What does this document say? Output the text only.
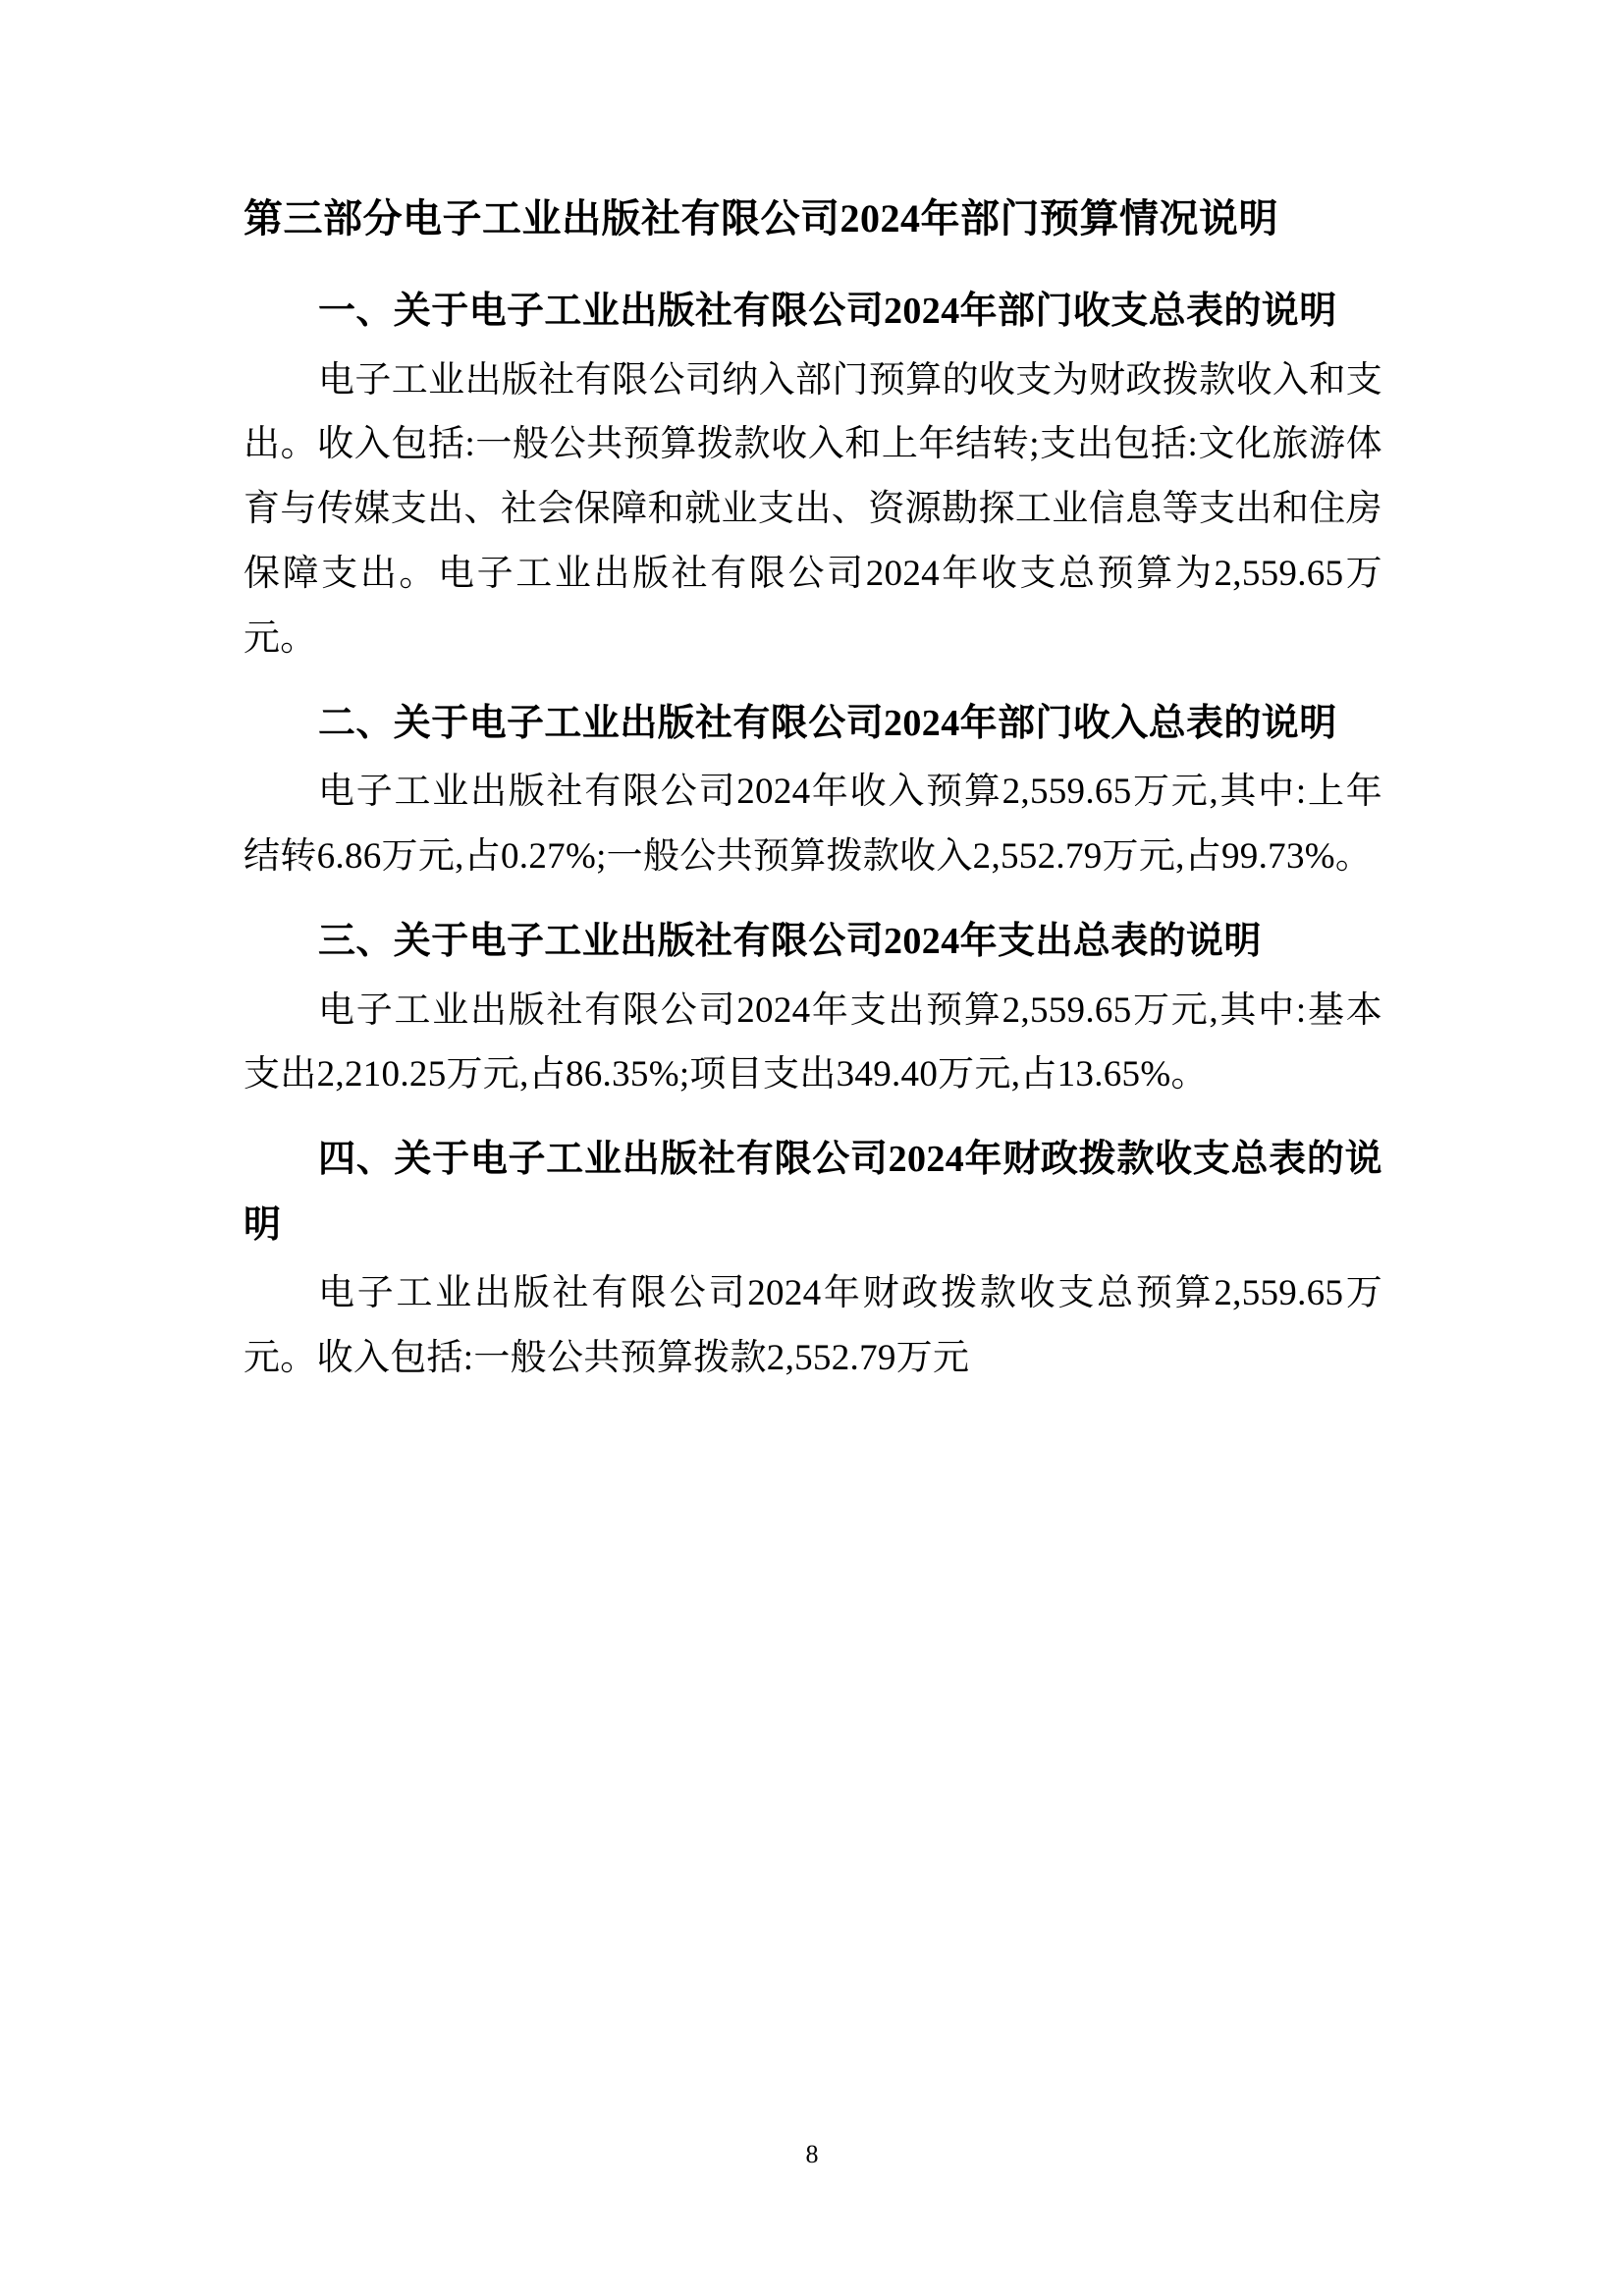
第三部分电子工业出版社有限公司2024年部门预算情况说明

一、关于电子工业出版社有限公司2024年部门收支总表的说明

电子工业出版社有限公司纳入部门预算的收支为财政拨款收入和支出。收入包括:一般公共预算拨款收入和上年结转;支出包括:文化旅游体育与传媒支出、社会保障和就业支出、资源勘探工业信息等支出和住房保障支出。电子工业出版社有限公司2024年收支总预算为2,559.65万元。

二、关于电子工业出版社有限公司2024年部门收入总表的说明

电子工业出版社有限公司2024年收入预算2,559.65万元,其中:上年结转6.86万元,占0.27%;一般公共预算拨款收入2,552.79万元,占99.73%。

三、关于电子工业出版社有限公司2024年支出总表的说明

电子工业出版社有限公司2024年支出预算2,559.65万元,其中:基本支出2,210.25万元,占86.35%;项目支出349.40万元,占13.65%。

四、关于电子工业出版社有限公司2024年财政拨款收支总表的说明

电子工业出版社有限公司2024年财政拨款收支总预算2,559.65万元。收入包括:一般公共预算拨款2,552.79万元

8
